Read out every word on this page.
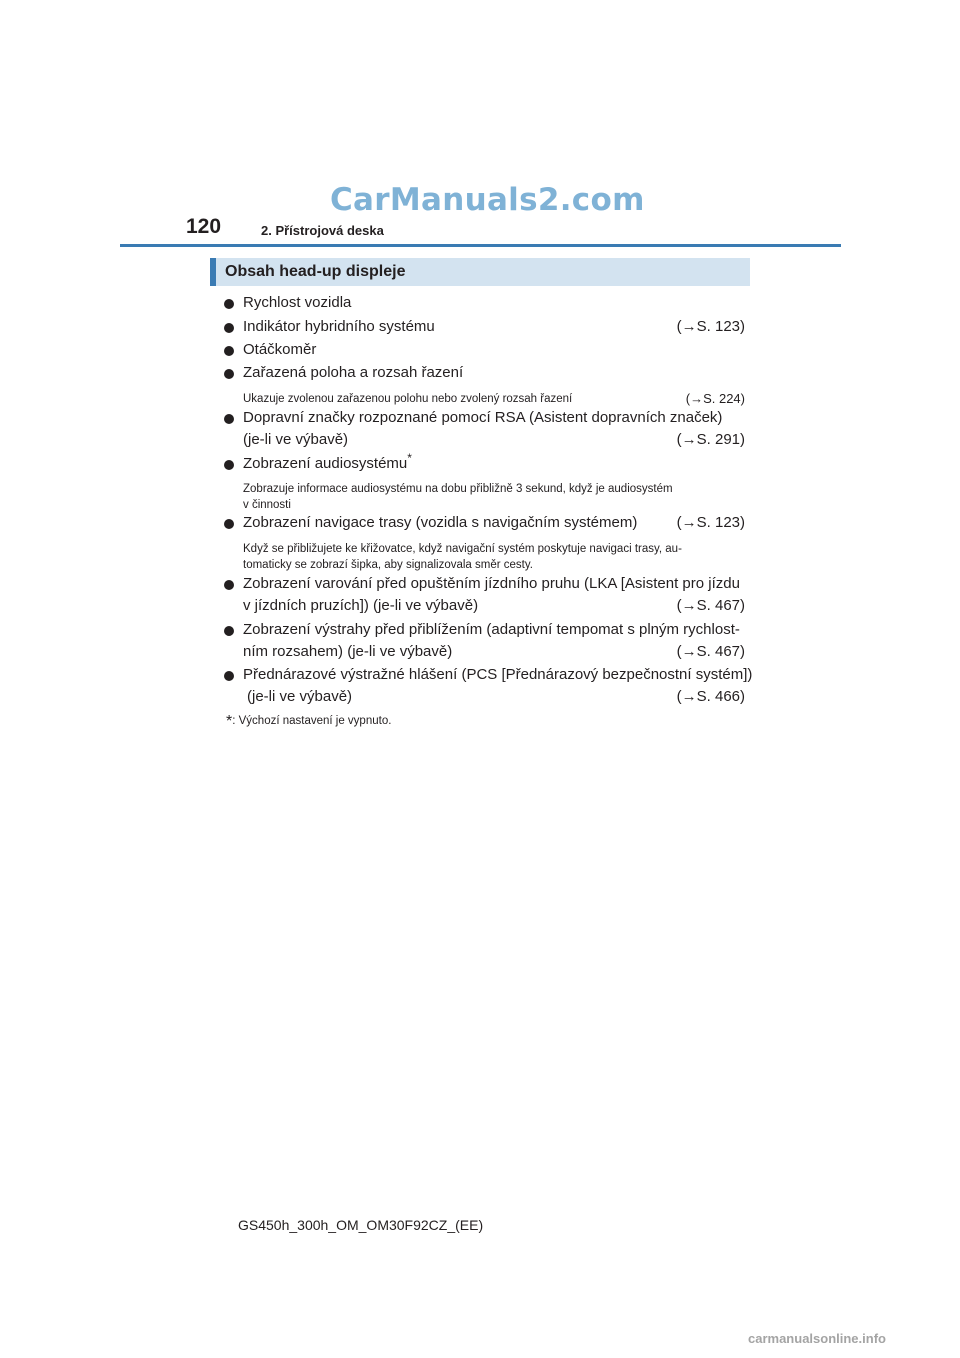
CarManuals2.com
120	2. Přístrojová deska
Obsah head-up displeje
Rychlost vozidla
Indikátor hybridního systému	(→S. 123)
Otáčkoměr
Zařazená poloha a rozsah řazení
Ukazuje zvolenou zařazenou polohu nebo zvolený rozsah řazení	(→S. 224)
Dopravní značky rozpoznané pomocí RSA (Asistent dopravních značek)
(je-li ve výbavě)	(→S. 291)
Zobrazení audiosystému*
Zobrazuje informace audiosystému na dobu přibližně 3 sekund, když je audiosystém
v činnosti
Zobrazení navigace trasy (vozidla s navigačním systémem)	(→S. 123)
Když se přibližujete ke křižovatce, když navigační systém poskytuje navigaci trasy, au-
tomaticky se zobrazí šipka, aby signalizovala směr cesty.
Zobrazení varování před opuštěním jízdního pruhu (LKA [Asistent pro jízdu
v jízdních pruzích]) (je-li ve výbavě)	(→S. 467)
Zobrazení výstrahy před přiblížením (adaptivní tempomat s plným rychlost-
ním rozsahem) (je-li ve výbavě)	(→S. 467)
Přednárazové výstražné hlášení (PCS [Přednárazový bezpečnostní systém])
(je-li ve výbavě)	(→S. 466)
*: Výchozí nastavení je vypnuto.
GS450h_300h_OM_OM30F92CZ_(EE)
carmanualsonline.info
